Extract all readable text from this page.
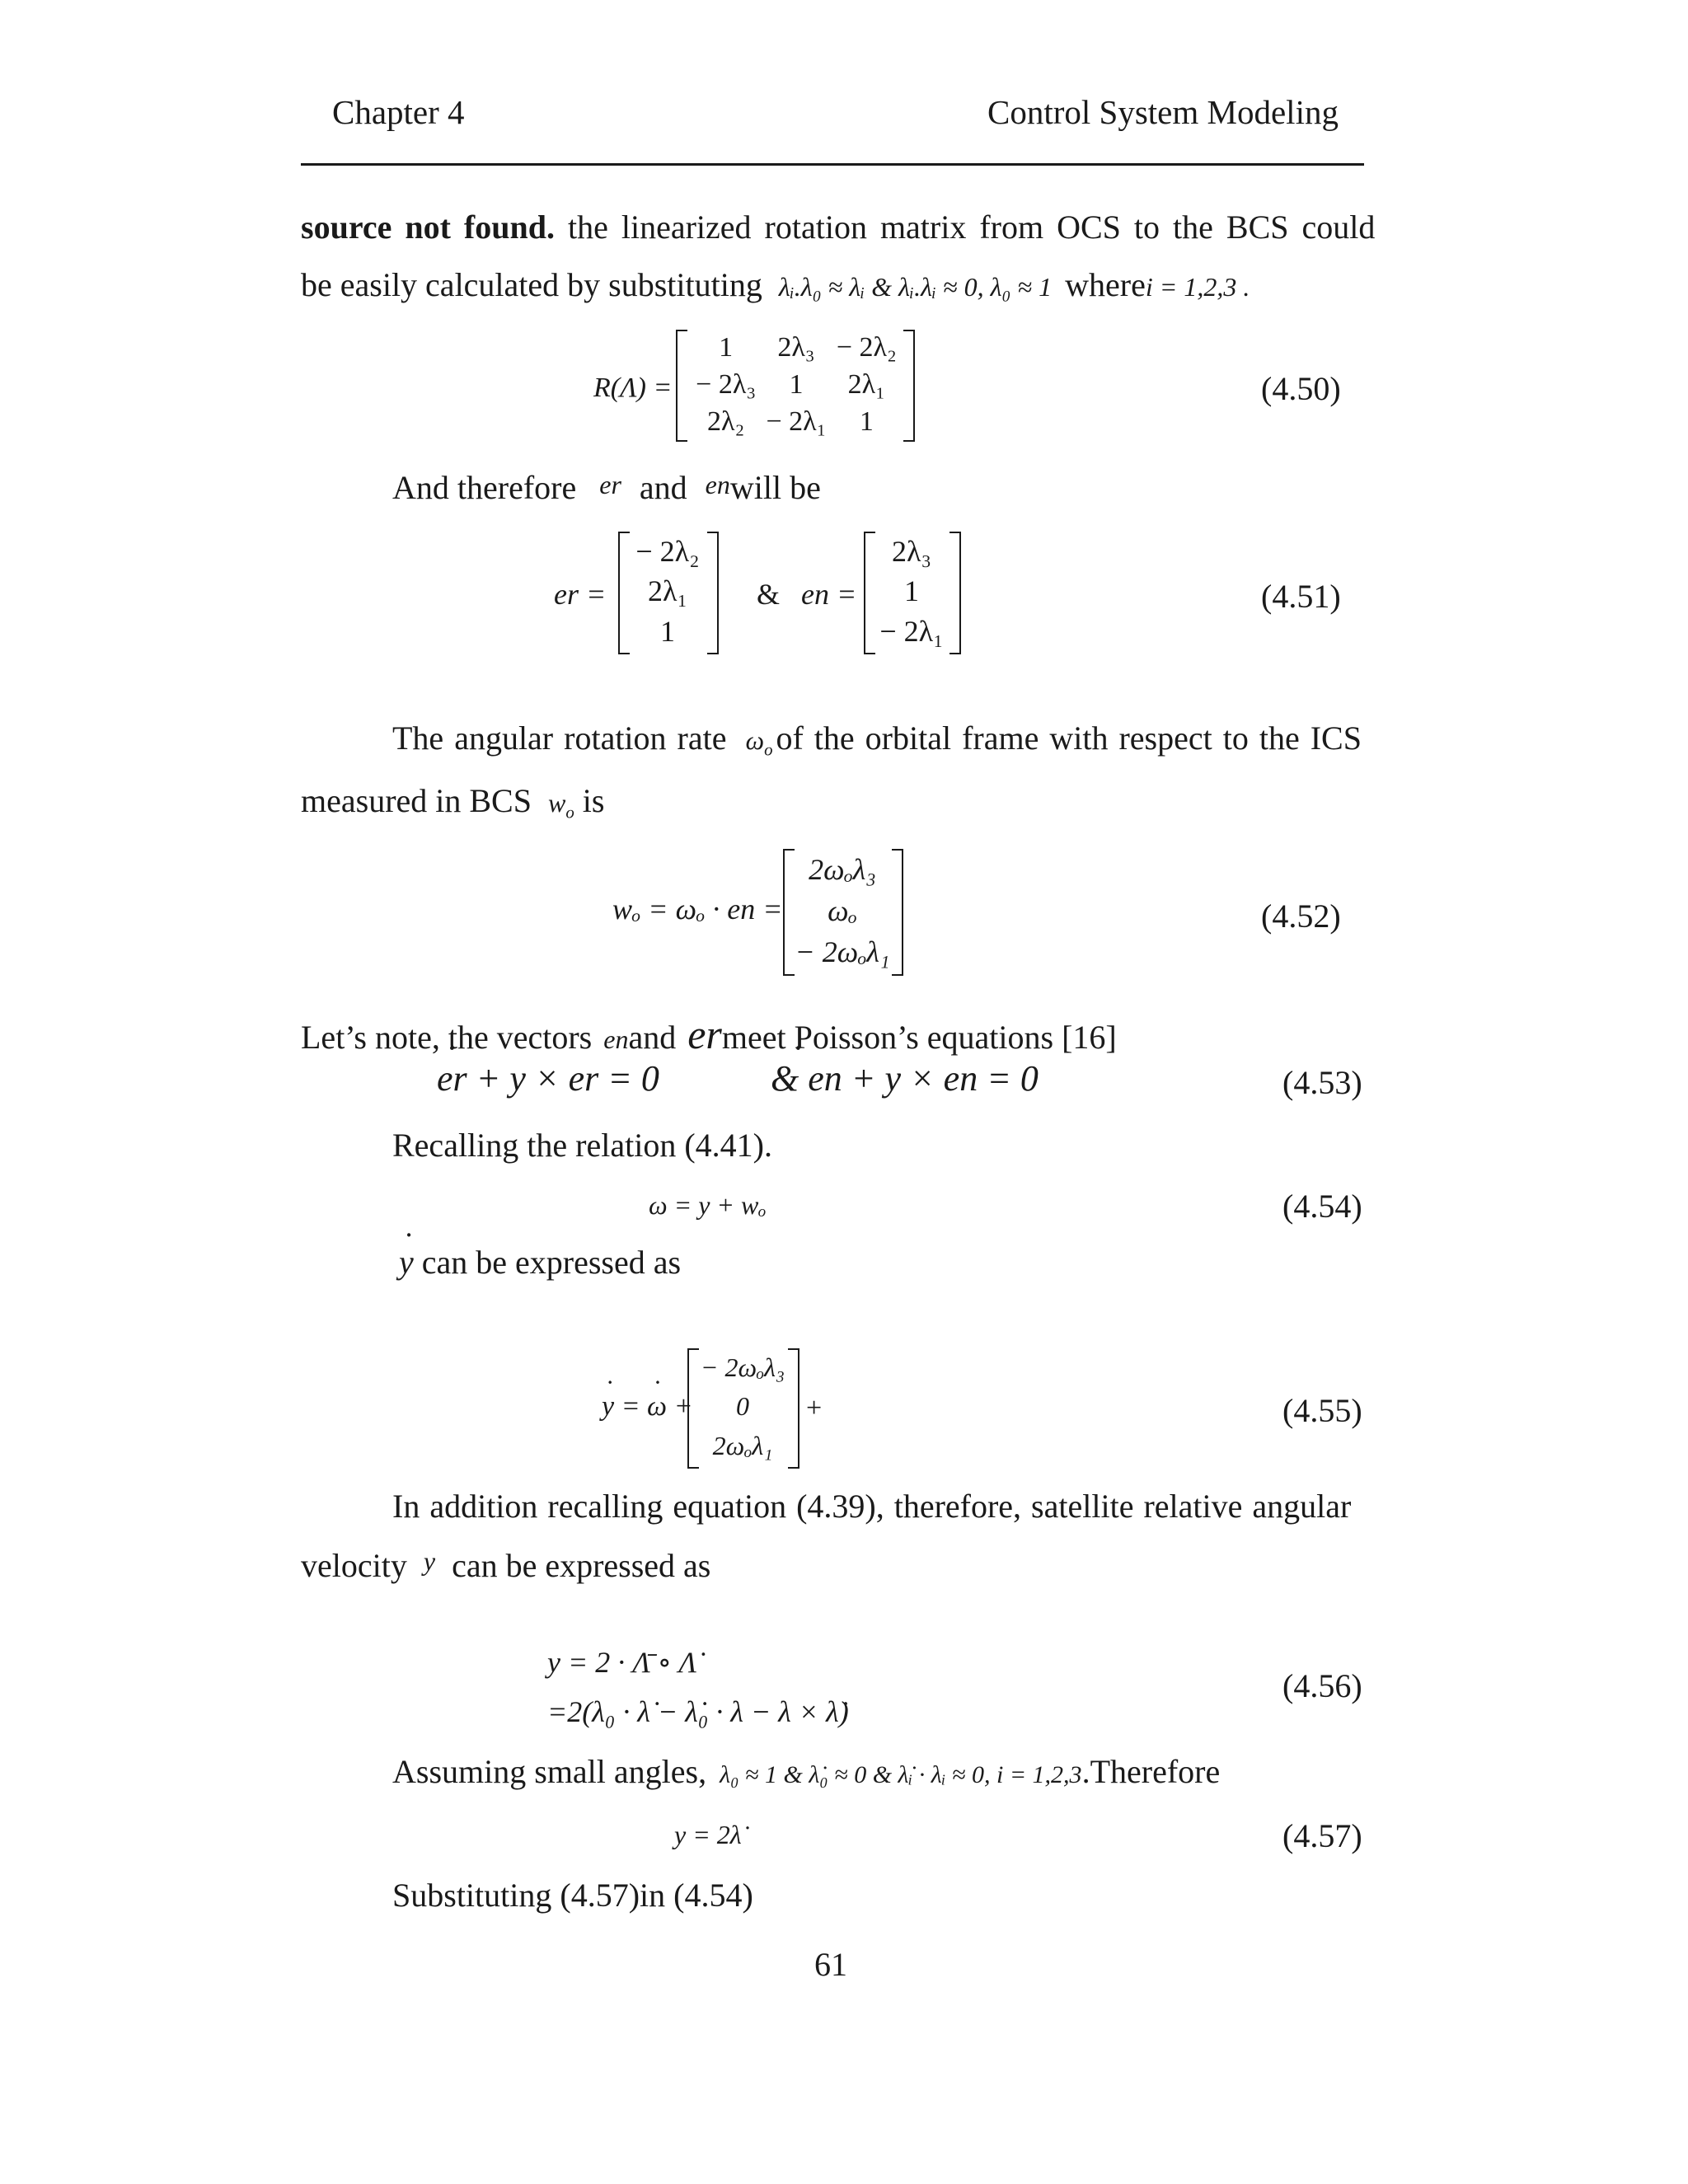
Chapter 4	Control System Modeling
source not found. the linearized rotation matrix from OCS to the BCS could
be easily calculated by substituting λᵢ.λ₀ ≈ λᵢ & λᵢ.λᵢ ≈ 0, λ₀ ≈ 1 wherei = 1,2,3 .
R(Λ) =
1 2λ₃ − 2λ₂
− 2λ₃ 1 2λ₁
2λ₂ − 2λ₁ 1
(4.50)
And therefore er and enwill be
er =
− 2λ₂
2λ₁
1
& en =
2λ₃
1
− 2λ₁
(4.51)
The angular rotation rate $\omega_o$ of the orbital frame with respect to the ICS
measured in BCS $w_o$ is
wₒ = ωₒ · en =
2ωₒλ₃
ωₒ
− 2ωₒλ₁
(4.52)
Let’s note, the vectors enand ermeet Poisson’s equations [16]
er ˙ + y × er = 0	& en ˙ + y × en = 0	(4.53)
Recalling the relation (4.41).
ω = y + wₒ	(4.54)
y ˙ can be expressed as
y ˙ = ω ˙ +
− 2ωₒλ₃
0
2ωₒλ₁
+	(4.55)
In addition recalling equation (4.39), therefore, satellite relative angular
velocity $^y$ can be expressed as
y = 2 · Λ̄ ∘ Λ̇
=2(λ₀ · λ̇ − λ̇₀ · λ − λ × λ̇)
(4.56)
Assuming small angles, λ₀ ≈ 1 & λ̇₀ ≈ 0 & λ̇ᵢ · λᵢ ≈ 0, i = 1,2,3.Therefore
y = 2λ̇	(4.57)
Substituting (4.57)in (4.54)
61
